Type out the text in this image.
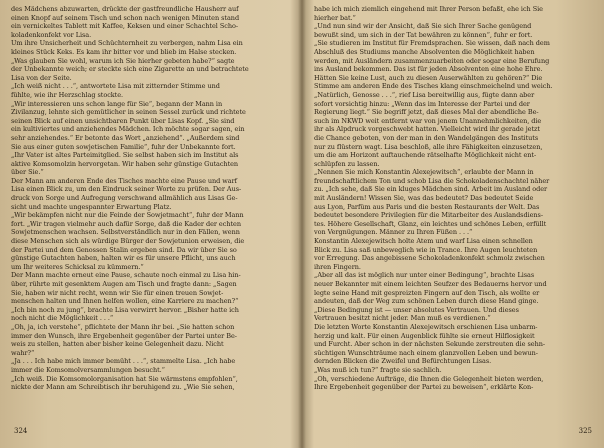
des Mädchens abzuwarten, drückte der gastfreundliche Hausherr auf
einen Knopf auf seinem Tisch und schon nach wenigen Minuten stand
ein vernickeltes Tablett mit Kaffee, Keksen und einer Schachtel Scho-
koladenkonfekt vor Lisa.
Um ihre Unsicherheit und Schüchternheit zu verbergen, nahm Lisa ein
kleines Stück Keks. Es kam ihr bitter vor und blieb im Halse stecken.
„Was glauben Sie wohl, warum ich Sie hierher gebeten habe?“ sagte
der Unbekannte weich; er steckte sich eine Zigarette an und betrachtete
Lisa von der Seite.
„Ich weiß nicht . . .“, antwortete Lisa mit zitternder Stimme und
fühlte, wie ihr Herzschlag stockte.
„Wir interessieren uns schon lange für Sie“, begann der Mann in
Zivilanzug, lehnte sich gemütlicher in seinen Sessel zurück und richtete
seinen Blick auf einen unsichtbaren Punkt über Lisas Kopf. „Sie sind
ein kultiviertes und anziehendes Mädchen. Ich möchte sogar sagen, ein
sehr anziehendes.“ Er betonte das Wort „anziehend“. „Außerdem sind
Sie aus einer guten sowjetischen Familie“, fuhr der Unbekannte fort.
„Ihr Vater ist altes Parteimitglied. Sie selbst haben sich im Institut als
aktive Komsomolzin hervorgetan. Wir haben sehr günstige Gutachten
über Sie.“
Der Mann am anderen Ende des Tisches machte eine Pause und warf
Lisa einen Blick zu, um den Eindruck seiner Worte zu prüfen. Der Aus-
druck von Sorge und Aufregung verschwand allmählich aus Lisas Ge-
sicht und machte ungespannter Erwartung Platz.
„Wir bekämpfen nicht nur die Feinde der Sowjetmacht“, fuhr der Mann
fort. „Wir tragen vielmehr auch dafür Sorge, daß die Kader der echten
Sowjetmenschen wachsen. Selbstverständlich nur in den Fällen, wenn
diese Menschen sich als würdige Bürger der Sowjetunion erweisen, die
der Partei und dem Genossen Stalin ergeben sind. Da wir über Sie so
günstige Gutachten haben, halten wir es für unsere Pflicht, uns auch
um Ihr weiteres Schicksal zu kümmern.“
Der Mann machte erneut eine Pause, schaute noch einmal zu Lisa hin-
über, rührte mit gesenktem Augen am Tisch und fragte dann: „Sagen
Sie, haben wir nicht recht, wenn wir Sie für einen treuen Sowjet-
menschen halten und Ihnen helfen wollen, eine Karriere zu machen?“
„Ich bin noch zu jung“, brachte Lisa verwirrt hervor. „Bisher hatte ich
noch nicht die Möglichkeit . . .“
„Oh, ja, ich verstehe“, pflichtete der Mann ihr bei. „Sie hatten schon
immer den Wunsch, ihre Ergebenheit gegenüber der Partei unter Be-
weis zu stellen, hatten aber bisher keine Gelegenheit dazu. Nicht
wahr?“
„Ja . . . Ich habe mich immer bemüht . . .“, stammelte Lisa. „Ich habe
immer die Komsomolversammlungen besucht.“
„Ich weiß. Die Komsomolorganisation hat Sie wärmstens empfohlen“,
nickte der Mann am Schreibtisch ihr beruhigend zu. „Wie Sie sehen,
324
habe ich mich ziemlich eingehend mit Ihrer Person befaßt, ehe ich Sie
hierher bat.“
„Und nun sind wir der Ansicht, daß Sie sich Ihrer Sache genügend
bewußt sind, um sich in der Tat bewähren zu können“, fuhr er fort.
„Sie studieren im Institut für Fremdsprachen. Sie wissen, daß nach dem
Abschluß des Studiums manche Absolventen die Möglichkeit haben
werden, mit Ausländern zusammenzuarbeiten oder sogar eine Berufung
ins Ausland bekommen. Das ist für jeden Absolventen eine hohe Ehre.
Hätten Sie keine Lust, auch zu diesen Auserwählten zu gehören?“ Die
Stimme am anderen Ende des Tisches klang einschmeichelnd und weich.
„Natürlich, Genosse . . .“, rief Lisa bereitwillig aus, fügte dann aber
sofort vorsichtig hinzu: „Wenn das im Interesse der Partei und der
Regierung liegt.“ Sie begriff jetzt, daß dieses Mal der abendliche Be-
such im NKWD weit entfernt war von jenem Unannehmlichkeiten, die
ihr als Alpdruck vorgeschwebt hatten. Vielleicht wird ihr gerade jetzt
die Chance geboten, von der man in den Wandelgängen des Instituts
nur zu flüstern wagt. Lisa beschloß, alle ihre Fähigkeiten einzusetzen,
um die am Horizont auftauchende rätselhafte Möglichkeit nicht ent-
schlüpfen zu lassen.
„Nennen Sie mich Konstantin Alexejewitsch“, erlaubte der Mann in
freundschaftlichem Ton und schob Lisa die Schokoladenschachtel näher
zu. „Ich sehe, daß Sie ein kluges Mädchen sind. Arbeit im Ausland oder
mit Ausländern! Wissen Sie, was das bedeutet? Das bedeutet Seide
aus Lyon, Parfüm aus Paris und die besten Restaurants der Welt. Das
bedeutet besondere Privilegien für die Mitarbeiter des Auslandsdiens-
tes. Höhere Gesellschaft, Glanz, ein leichtes und schönes Leben, erfüllt
von Vergnügungen. Männer zu Ihren Füßen . . .“
Konstantin Alexejewitsch holte Atem und warf Lisa einen schnellen
Blick zu. Lisa saß unbeweglich wie in Trance. Ihre Augen leuchteten
vor Erregung. Das angebissene Schokoladenkonfekt schmolz zwischen
ihren Fingern.
„Aber all das ist möglich nur unter einer Bedingung“, brachte Lisas
neuer Bekannter mit einem leichten Seufzer des Bedauerns hervor und
legte seine Hand mit gespreizten Fingern auf den Tisch, als wollte er
andeuten, daß der Weg zum schönen Leben durch diese Hand ginge.
„Diese Bedingung ist — unser absolutes Vertrauen. Und dieses
Vertrauen besitzt nicht jeder. Man muß es verdienen.“
Die letzten Worte Konstantin Alexejewitsch erschienen Lisa unbarm-
herzig und kalt. Für einen Augenblick fühlte sie erneut Hilflosigkeit
und Furcht. Aber schon in der nächsten Sekunde zerstreuten die sehn-
süchtigen Wunschträume nach einem glanzvollen Leben und bewun-
dernden Blicken die Zweifel und Befürchtungen Lisas.
„Was muß ich tun?“ fragte sie sachlich.
„Oh, verschiedene Aufträge, die Ihnen die Gelegenheit bieten werden,
Ihre Ergebenheit gegenüber der Partei zu beweisen“, erklärte Kon-
325
